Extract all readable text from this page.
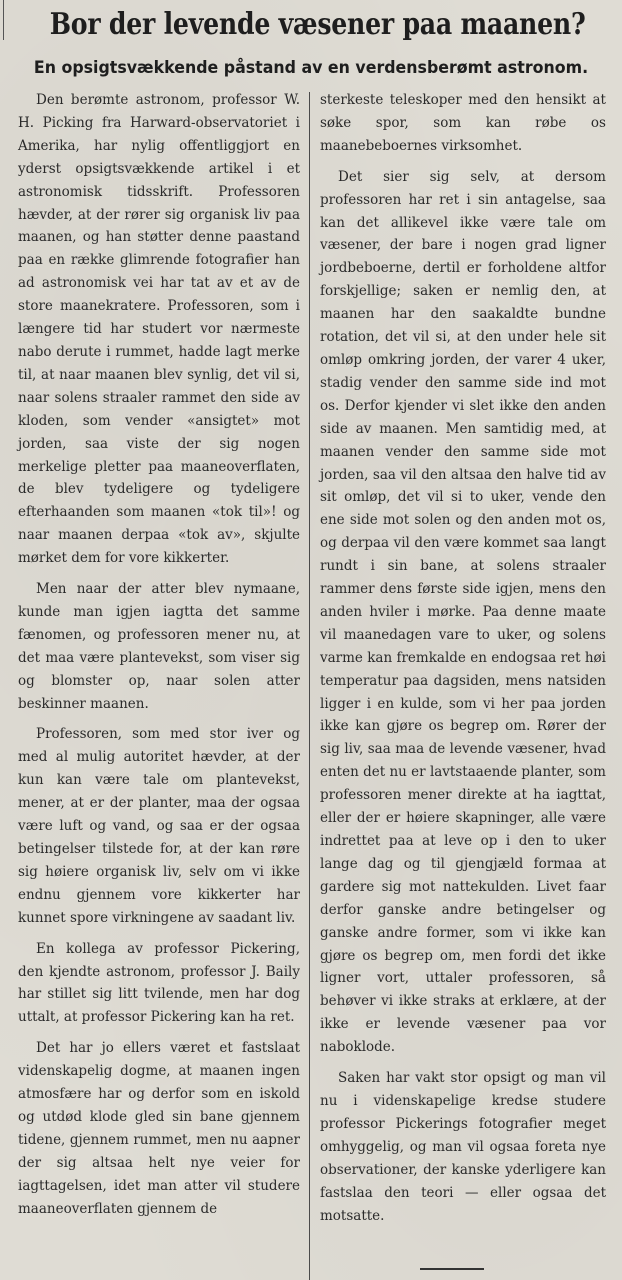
Bor der levende væsener paa maanen?
En opsigtsvækkende påstand av en verdensberømt astronom.

Den berømte astronom, professor W. H. Picking fra Harward-observatoriet i Amerika, har nylig offentliggjort en yderst opsigtsvækkende artikel i et astronomisk tidsskrift. Professoren hævder, at der rører sig organisk liv paa maanen, og han støtter denne paastand paa en række glimrende fotografier han ad astronomisk vei har tat av et av de store maanekratere. Professoren, som i længere tid har studert vor nærmeste nabo derute i rummet, hadde lagt merke til, at naar maanen blev synlig, det vil si, naar solens straaler rammet den side av kloden, som vender «ansigtet» mot jorden, saa viste der sig nogen merkelige pletter paa maaneoverflaten, de blev tydeligere og tydeligere efterhaanden som maanen «tok til»! og naar maanen derpaa «tok av», skjulte mørket dem for vore kikkerter.

Men naar der atter blev nymaane, kunde man igjen iagtta det samme fænomen, og professoren mener nu, at det maa være plantevekst, som viser sig og blomster op, naar solen atter beskinner maanen.

Professoren, som med stor iver og med al mulig autoritet hævder, at der kun kan være tale om plantevekst, mener, at er der planter, maa der ogsaa være luft og vand, og saa er der ogsaa betingelser tilstede for, at der kan røre sig høiere organisk liv, selv om vi ikke endnu gjennem vore kikkerter har kunnet spore virkningene av saadant liv.

En kollega av professor Pickering, den kjendte astronom, professor J. Baily har stillet sig litt tvilende, men har dog uttalt, at professor Pickering kan ha ret.

Det har jo ellers været et fastslaat videnskapelig dogme, at maanen ingen atmosfære har og derfor som en iskold og utdød klode gled sin bane gjennem tidene, gjennem rummet, men nu aapner der sig altsaa helt nye veier for iagttagelsen, idet man atter vil studere maaneoverflaten gjennem de

sterkeste teleskoper med den hensikt at søke spor, som kan røbe os maanebeboernes virksomhet.

Det sier sig selv, at dersom professoren har ret i sin antagelse, saa kan det allikevel ikke være tale om væsener, der bare i nogen grad ligner jordbeboerne, dertil er forholdene altfor forskjellige; saken er nemlig den, at maanen har den saakaldte bundne rotation, det vil si, at den under hele sit omløp omkring jorden, der varer 4 uker, stadig vender den samme side ind mot os. Derfor kjender vi slet ikke den anden side av maanen. Men samtidig med, at maanen vender den samme side mot jorden, saa vil den altsaa den halve tid av sit omløp, det vil si to uker, vende den ene side mot solen og den anden mot os, og derpaa vil den være kommet saa langt rundt i sin bane, at solens straaler rammer dens første side igjen, mens den anden hviler i mørke. Paa denne maate vil maanedagen vare to uker, og solens varme kan fremkalde en endogsaa ret høi temperatur paa dagsiden, mens natsiden ligger i en kulde, som vi her paa jorden ikke kan gjøre os begrep om. Rører der sig liv, saa maa de levende væsener, hvad enten det nu er lavtstaaende planter, som professoren mener direkte at ha iagttat, eller der er høiere skapninger, alle være indrettet paa at leve op i den to uker lange dag og til gjengjæld formaa at gardere sig mot nattekulden. Livet faar derfor ganske andre betingelser og ganske andre former, som vi ikke kan gjøre os begrep om, men fordi det ikke ligner vort, uttaler professoren, så behøver vi ikke straks at erklære, at der ikke er levende væsener paa vor naboklode.

Saken har vakt stor opsigt og man vil nu i videnskapelige kredse studere professor Pickerings fotografier meget omhyggelig, og man vil ogsaa foreta nye observationer, der kanske yderligere kan fastslaa den teori — eller ogsaa det motsatte.
